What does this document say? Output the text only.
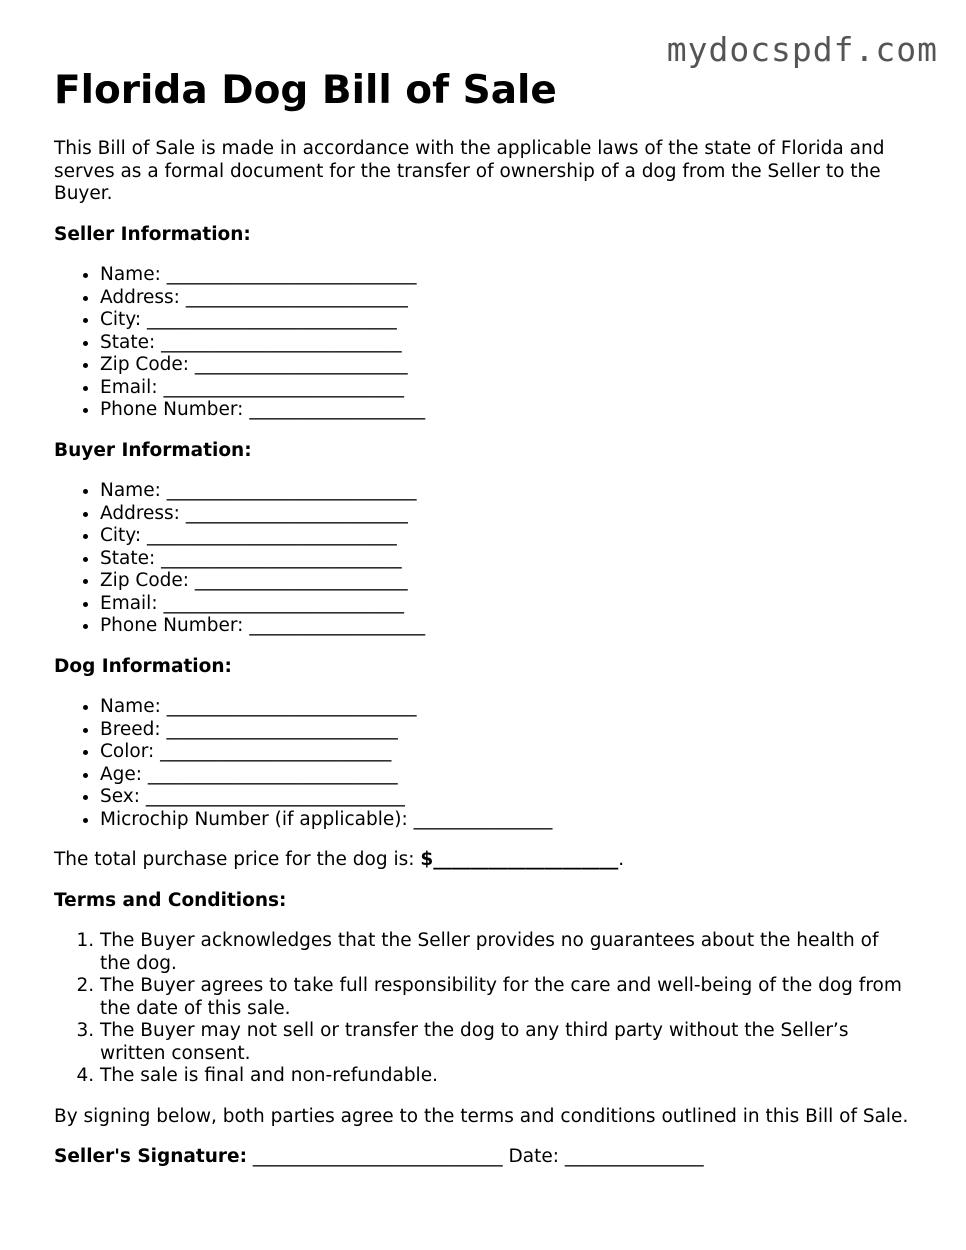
mydocspdf.com
Florida Dog Bill of Sale

This Bill of Sale is made in accordance with the applicable laws of the state of Florida and serves as a formal document for the transfer of ownership of a dog from the Seller to the Buyer.

Seller Information:
• Name: ___________________________
• Address: ________________________
• City: ___________________________
• State: __________________________
• Zip Code: _______________________
• Email: __________________________
• Phone Number: ___________________
Buyer Information:
• Name: ___________________________
• Address: ________________________
• City: ___________________________
• State: __________________________
• Zip Code: _______________________
• Email: __________________________
• Phone Number: ___________________
Dog Information:
• Name: ___________________________
• Breed: _________________________
• Color: _________________________
• Age: ___________________________
• Sex: ____________________________
• Microchip Number (if applicable): _______________

The total purchase price for the dog is: $____________________.

Terms and Conditions:
1. The Buyer acknowledges that the Seller provides no guarantees about the health of the dog.
2. The Buyer agrees to take full responsibility for the care and well-being of the dog from the date of this sale.
3. The Buyer may not sell or transfer the dog to any third party without the Seller’s written consent.
4. The sale is final and non-refundable.

By signing below, both parties agree to the terms and conditions outlined in this Bill of Sale.

Seller's Signature: ___________________________ Date: _______________
